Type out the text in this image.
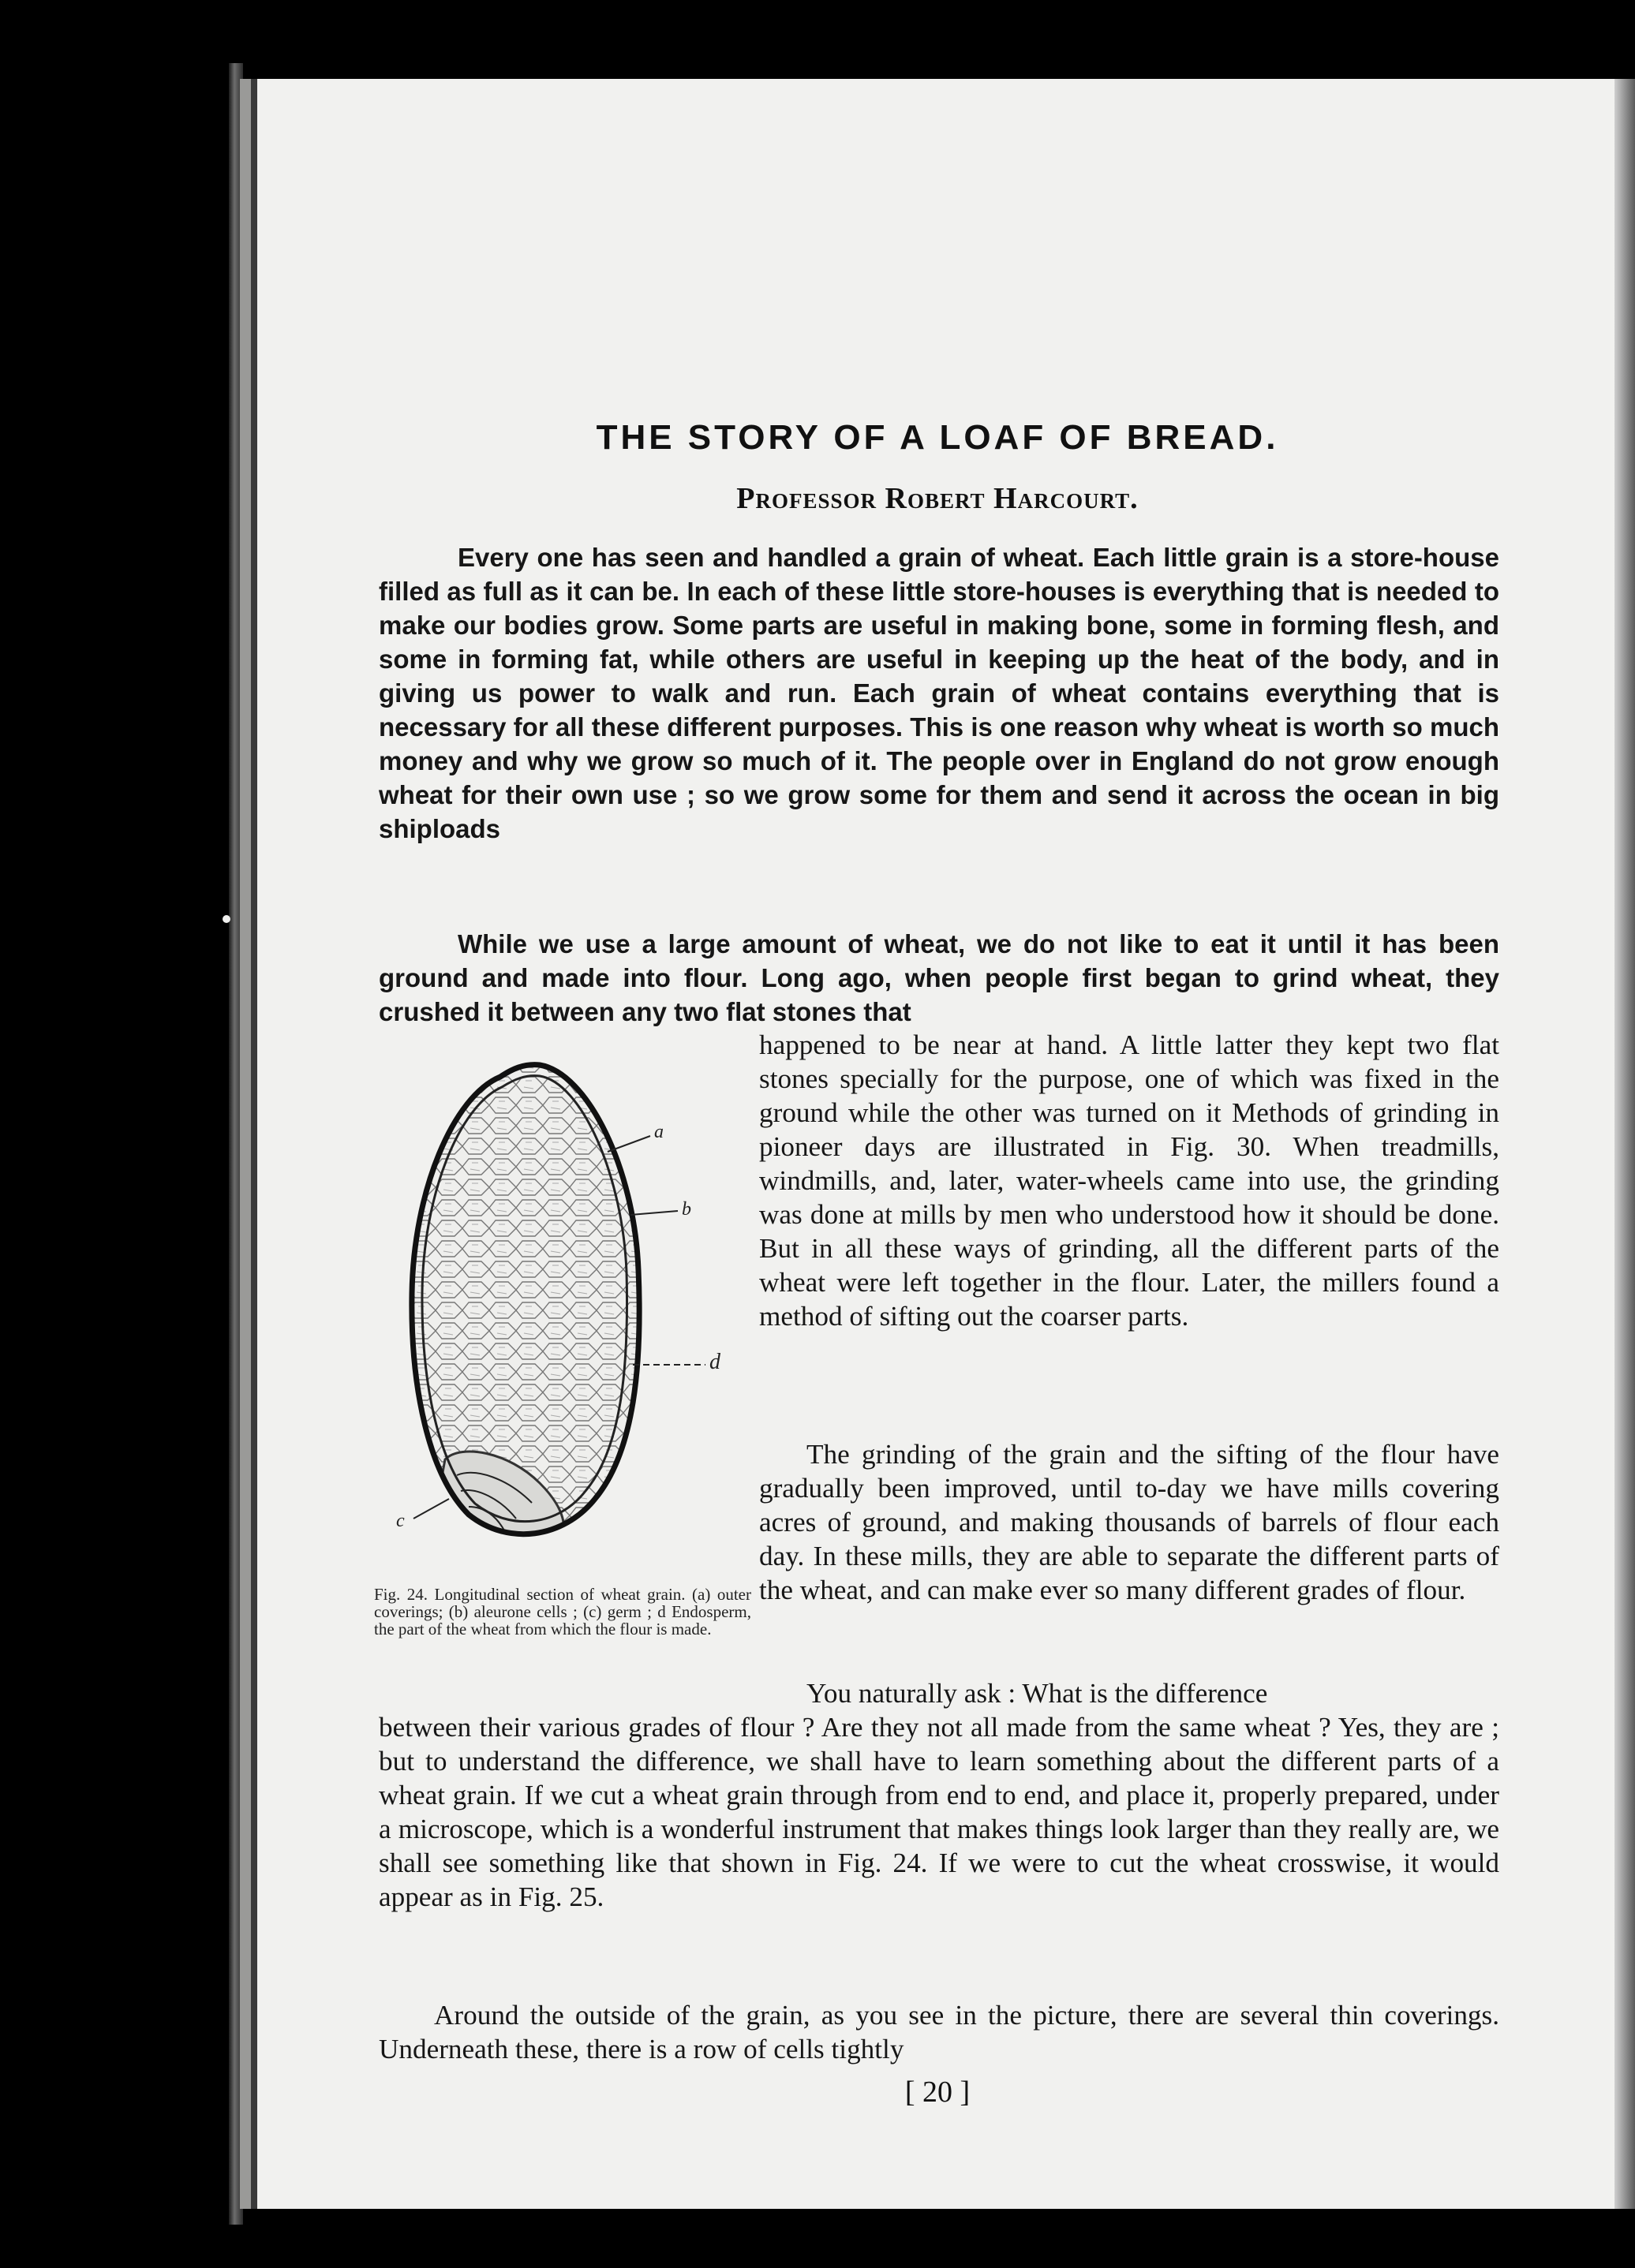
THE STORY OF A LOAF OF BREAD.
Professor Robert Harcourt.

Every one has seen and handled a grain of wheat. Each little grain is a store-house filled as full as it can be. In each of these little store-houses is everything that is needed to make our bodies grow. Some parts are useful in making bone, some in forming flesh, and some in forming fat, while others are useful in keeping up the heat of the body, and in giving us power to walk and run. Each grain of wheat contains everything that is necessary for all these different purposes. This is one reason why wheat is worth so much money and why we grow so much of it. The people over in England do not grow enough wheat for their own use ; so we grow some for them and send it across the ocean in big shiploads

While we use a large amount of wheat, we do not like to eat it until it has been ground and made into flour. Long ago, when people first began to grind wheat, they crushed it between any two flat stones that

happened to be near at hand. A little latter they kept two flat stones specially for the purpose, one of which was fixed in the ground while the other was turned on it Methods of grinding in pioneer days are illustrated in Fig. 30. When treadmills, windmills, and, later, water-wheels came into use, the grinding was done at mills by men who understood how it should be done. But in all these ways of grinding, all the different parts of the wheat were left together in the flour. Later, the millers found a method of sifting out the coarser parts.

The grinding of the grain and the sifting of the flour have gradually been improved, until to-day we have mills covering acres of ground, and making thousands of barrels of flour each day. In these mills, they are able to separate the different parts of the wheat, and can make ever so many different grades of flour.

You naturally ask : What is the difference

between their various grades of flour ? Are they not all made from the same wheat ? Yes, they are ; but to understand the difference, we shall have to learn something about the different parts of a wheat grain. If we cut a wheat grain through from end to end, and place it, properly prepared, under a microscope, which is a wonderful instrument that makes things look larger than they really are, we shall see something like that shown in Fig. 24. If we were to cut the wheat crosswise, it would appear as in Fig. 25.

Around the outside of the grain, as you see in the picture, there are several thin coverings. Underneath these, there is a row of cells tightly

a
b
d
c
Fig. 24. Longitudinal section of wheat grain. (a) outer coverings; (b) aleurone cells ; (c) germ ; d Endosperm, the part of the wheat from which the flour is made.
[ 20 ]
